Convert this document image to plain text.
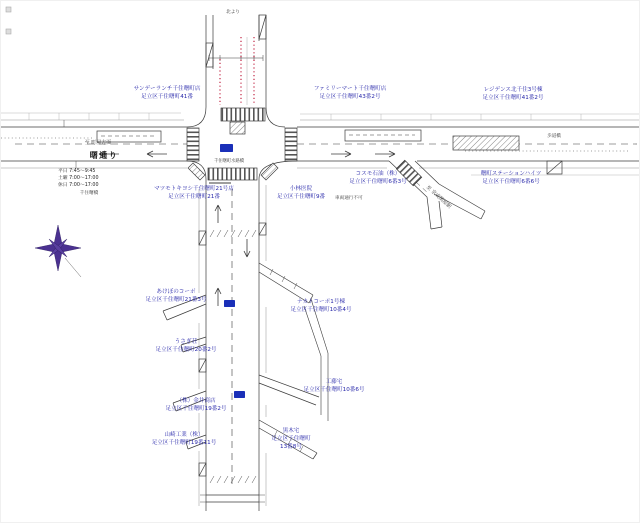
北より
至 町屋方面
曙通り
平日 7:45～9:45
土曜 7:00～17:00
休日 7:00～17:00
千住曙橋
千住曙町水路橋
車両通行不可
歩道橋
至 京成関屋駅
サンデーランチ千住曙町店
足立区千住曙町41番
ファミリーマート千住曙町店
足立区千住曙町43番2号
レジデンス北千住3号棟
足立区千住曙町41番2号
マツモトキヨシ千住曙町21号店
足立区千住曙町21番
小林医院
足立区千住曙町9番
コスモ石油（株）
足立区千住曙町6番3号
曙町ステーションハイツ
足立区千住曙町6番6号
あけぼのコーポ
足立区千住曙町21番3号	ナカトコーポ1号棟
足立区千住曙町10番4号
うさぎ荘
足立区千住曙町20番2号
（株）金井商店
足立区千住曙町19番2号
山崎工業（株）
足立区千住曙町19番11号
工藤宅
足立区千住曙町10番6号
黒木宅
足立区千住曙町
13番8号
